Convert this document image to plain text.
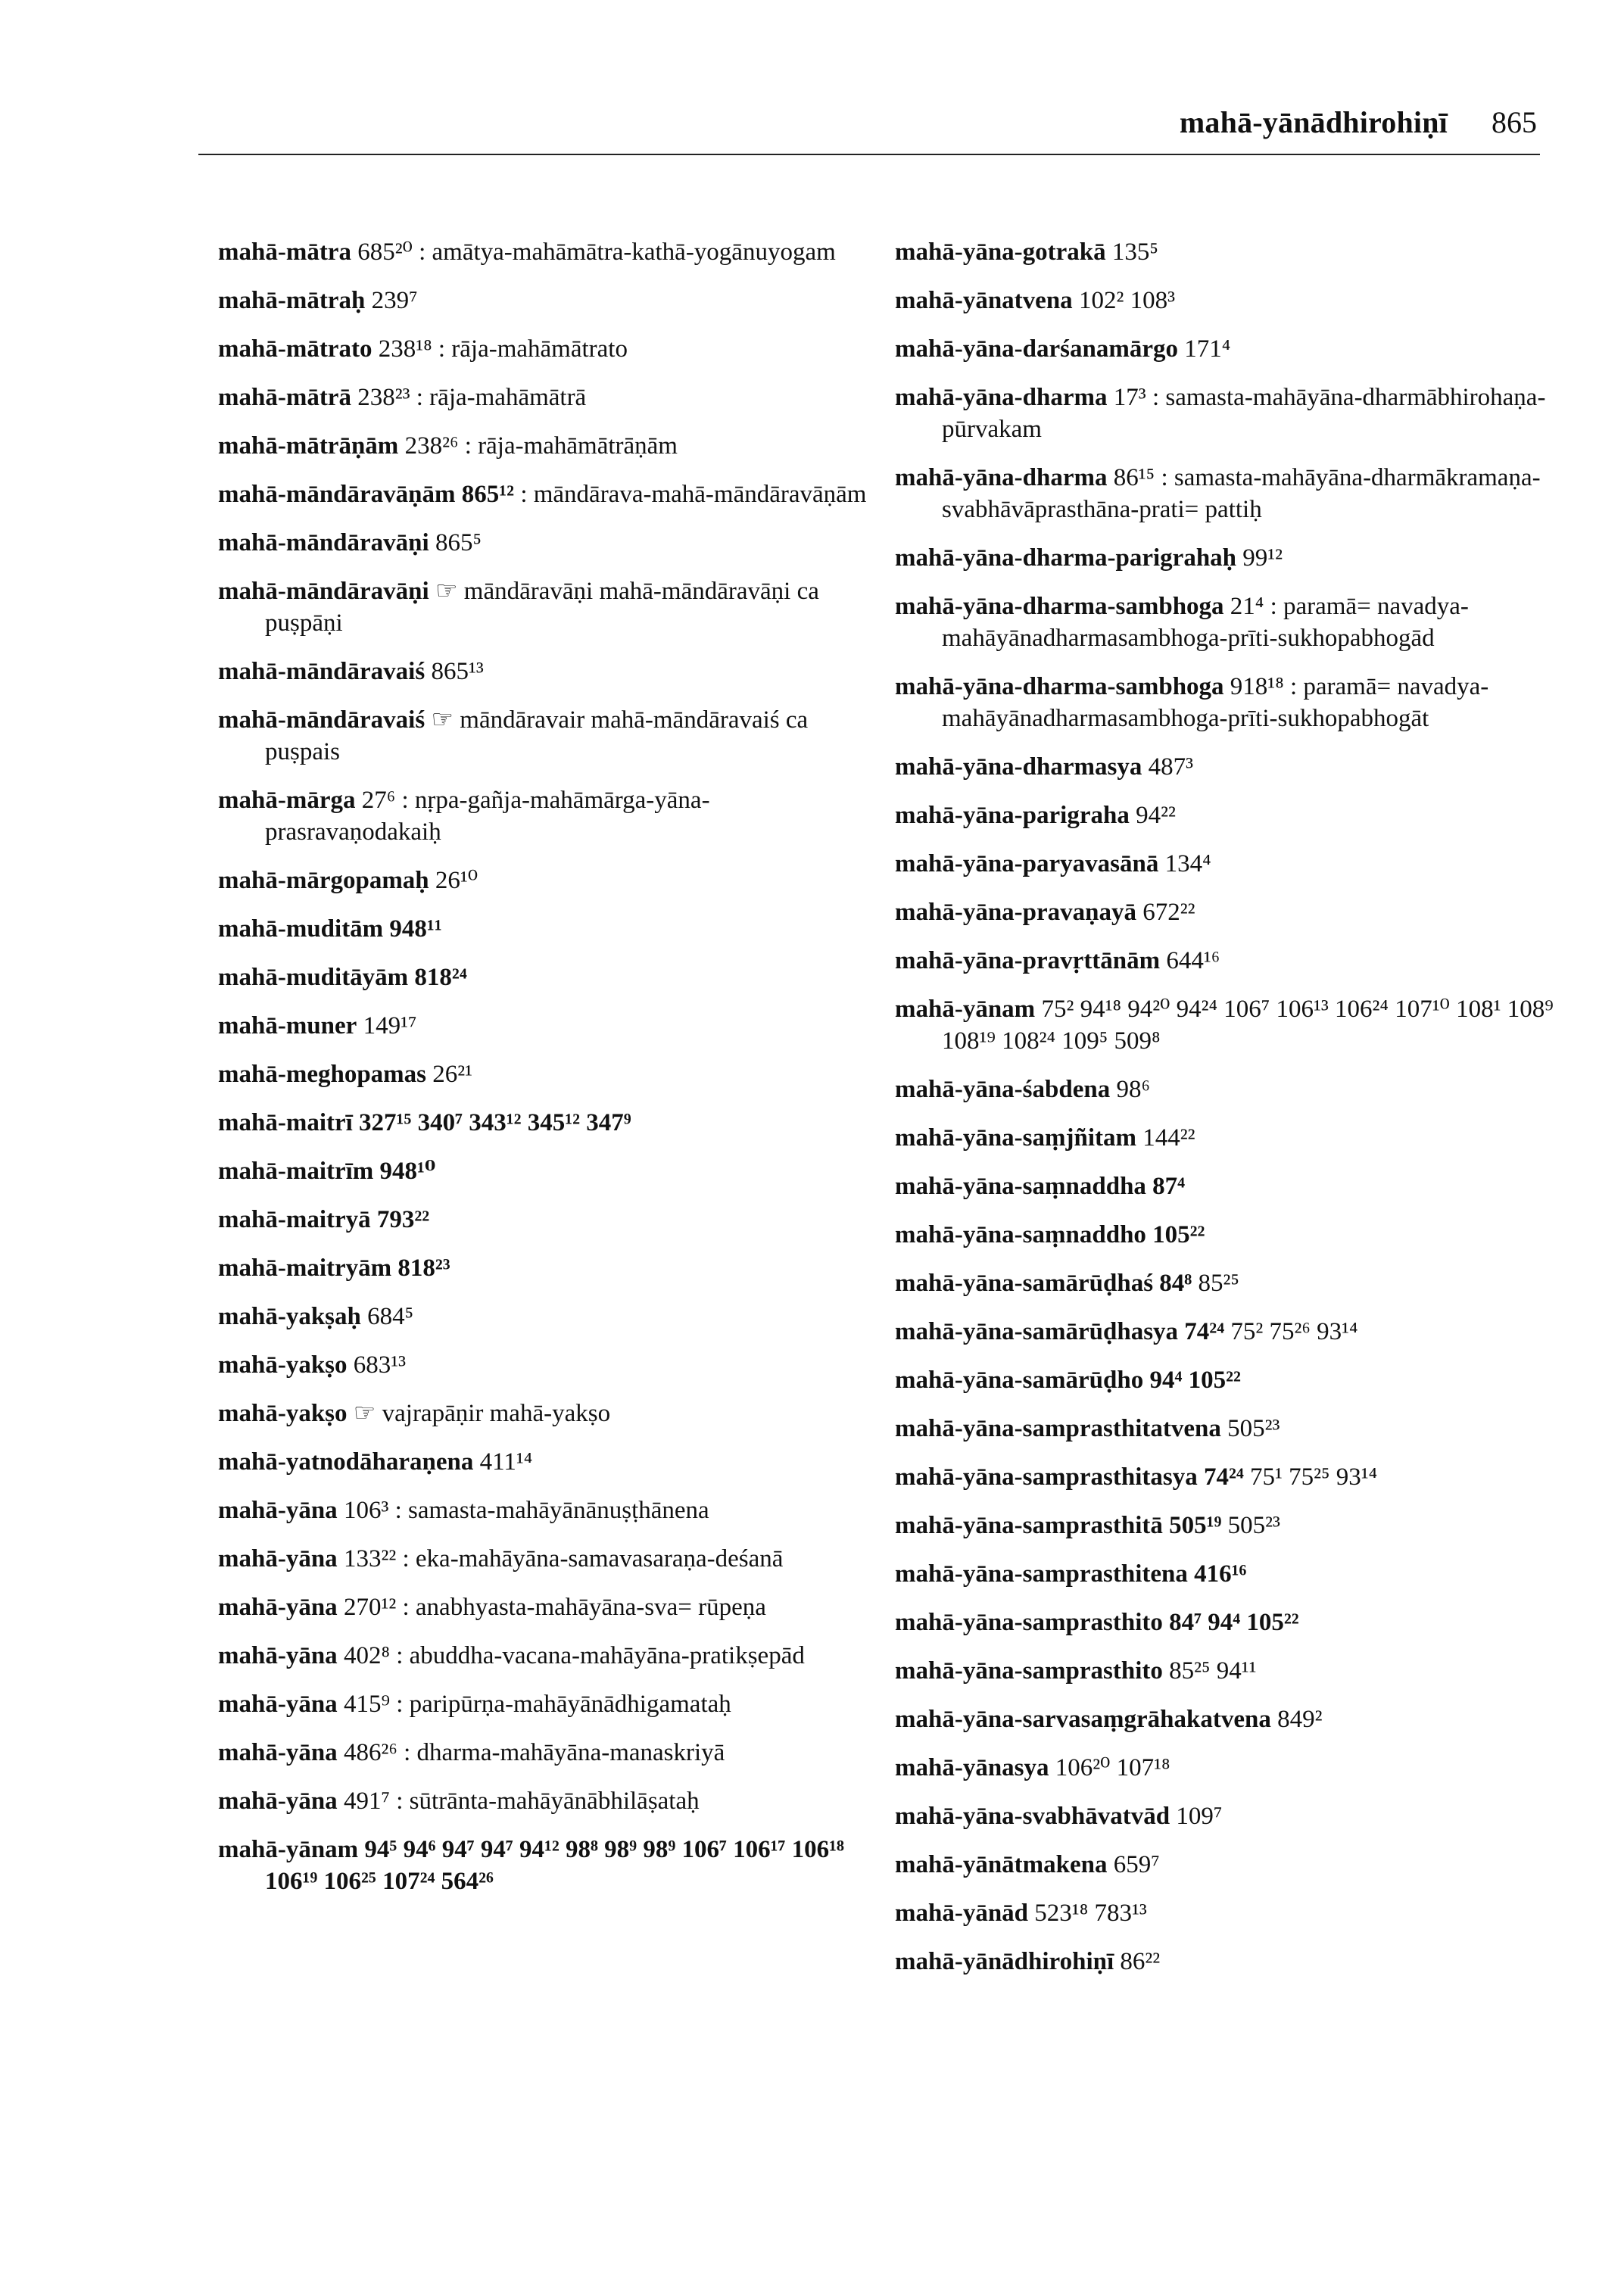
mahā-yānādhirohiṇī 865

mahā-mātra 685²⁰ : amātya-mahāmātra-kathā-yogānuyogam

mahā-mātraḥ 239⁷

mahā-mātrato 238¹⁸ : rāja-mahāmātrato

mahā-mātrā 238²³ : rāja-mahāmātrā

mahā-mātrāṇām 238²⁶ : rāja-mahāmātrāṇām

mahā-māndāravāṇām 865¹² : māndārava-mahā-māndāravāṇām

mahā-māndāravāṇi 865⁵

mahā-māndāravāṇi ☞ māndāravāṇi mahā-māndāravāṇi ca puṣpāṇi

mahā-māndāravaiś 865¹³

mahā-māndāravaiś ☞ māndāravair mahā-māndāravaiś ca puṣpais

mahā-mārga 27⁶ : nṛpa-gañja-mahāmārga-yāna-prasravaṇodakaiḥ

mahā-mārgopamaḥ 26¹⁰

mahā-muditām 948¹¹

mahā-muditāyām 818²⁴

mahā-muner 149¹⁷

mahā-meghopamas 26²¹

mahā-maitrī 327¹⁵ 340⁷ 343¹² 345¹² 347⁹

mahā-maitrīm 948¹⁰

mahā-maitryā 793²²

mahā-maitryām 818²³

mahā-yakṣaḥ 684⁵

mahā-yakṣo 683¹³

mahā-yakṣo ☞ vajrapāṇir mahā-yakṣo

mahā-yatnodāharaṇena 411¹⁴

mahā-yāna 106³ : samasta-mahāyānānuṣṭhānena

mahā-yāna 133²² : eka-mahāyāna-samavasaraṇa-deśanā

mahā-yāna 270¹² : anabhyasta-mahāyāna-sva= rūpeṇa

mahā-yāna 402⁸ : abuddha-vacana-mahāyāna-pratikṣepād

mahā-yāna 415⁹ : paripūrṇa-mahāyānādhigamataḥ

mahā-yāna 486²⁶ : dharma-mahāyāna-manaskriyā

mahā-yāna 491⁷ : sūtrānta-mahāyānābhilāṣataḥ

mahā-yānam 94⁵ 94⁶ 94⁷ 94⁷ 94¹² 98⁸ 98⁹ 98⁹ 106⁷ 106¹⁷ 106¹⁸ 106¹⁹ 106²⁵ 107²⁴ 564²⁶

mahā-yāna-gotrakā 135⁵

mahā-yānatvena 102² 108³

mahā-yāna-darśanamārgo 171⁴

mahā-yāna-dharma 17³ : samasta-mahāyāna-dharmābhirohaṇa-pūrvakam

mahā-yāna-dharma 86¹⁵ : samasta-mahāyāna-dharmākramaṇa-svabhāvāprasthāna-prati= pattiḥ

mahā-yāna-dharma-parigrahaḥ 99¹²

mahā-yāna-dharma-sambhoga 21⁴ : paramā= navadya-mahāyānadharmasambhoga-prīti-sukhopabhogād

mahā-yāna-dharma-sambhoga 918¹⁸ : paramā= navadya-mahāyānadharmasambhoga-prīti-sukhopabhogāt

mahā-yāna-dharmasya 487³

mahā-yāna-parigraha 94²²

mahā-yāna-paryavasānā 134⁴

mahā-yāna-pravaṇayā 672²²

mahā-yāna-pravṛttānām 644¹⁶

mahā-yānam 75² 94¹⁸ 94²⁰ 94²⁴ 106⁷ 106¹³ 106²⁴ 107¹⁰ 108¹ 108⁹ 108¹⁹ 108²⁴ 109⁵ 509⁸

mahā-yāna-śabdena 98⁶

mahā-yāna-saṃjñitam 144²²

mahā-yāna-saṃnaddha 87⁴

mahā-yāna-saṃnaddho 105²²

mahā-yāna-samārūḍhaś 84⁸ 85²⁵

mahā-yāna-samārūḍhasya 74²⁴ 75² 75²⁶ 93¹⁴

mahā-yāna-samārūḍho 94⁴ 105²²

mahā-yāna-samprasthitatvena 505²³

mahā-yāna-samprasthitasya 74²⁴ 75¹ 75²⁵ 93¹⁴

mahā-yāna-samprasthitā 505¹⁹ 505²³

mahā-yāna-samprasthitena 416¹⁶

mahā-yāna-samprasthito 84⁷ 94⁴ 105²²

mahā-yāna-samprasthito 85²⁵ 94¹¹

mahā-yāna-sarvasaṃgrāhakatvena 849²

mahā-yānasya 106²⁰ 107¹⁸

mahā-yāna-svabhāvatvād 109⁷

mahā-yānātmakena 659⁷

mahā-yānād 523¹⁸ 783¹³

mahā-yānādhirohiṇī 86²²
